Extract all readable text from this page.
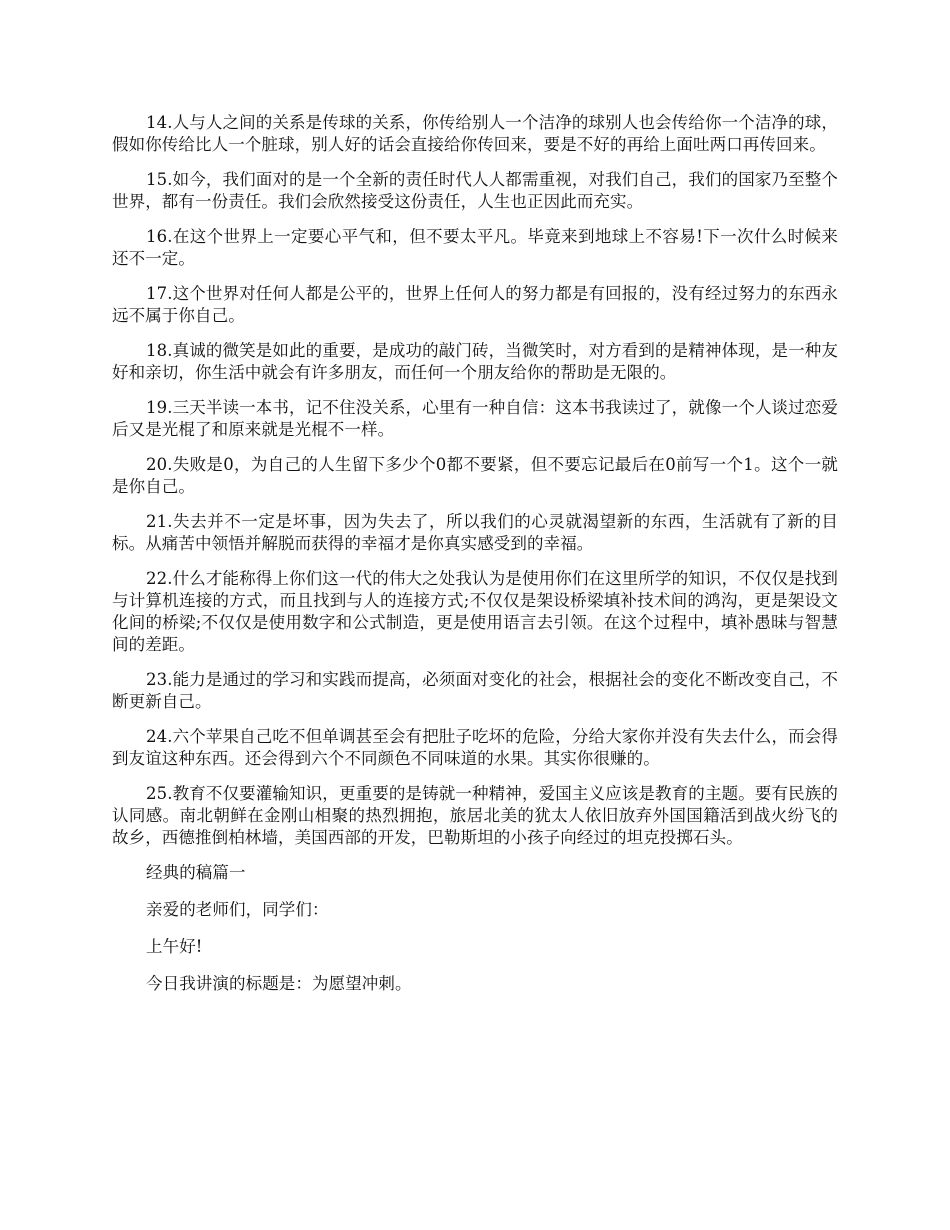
14.人与人之间的关系是传球的关系，你传给别人一个洁净的球别人也会传给你一个洁净的球，假如你传给比人一个脏球，别人好的话会直接给你传回来，要是不好的再给上面吐两口再传回来。

15.如今，我们面对的是一个全新的责任时代人人都需重视，对我们自己，我们的国家乃至整个世界，都有一份责任。我们会欣然接受这份责任，人生也正因此而充实。

16.在这个世界上一定要心平气和，但不要太平凡。毕竟来到地球上不容易!下一次什么时候来还不一定。

17.这个世界对任何人都是公平的，世界上任何人的努力都是有回报的，没有经过努力的东西永远不属于你自己。

18.真诚的微笑是如此的重要，是成功的敲门砖，当微笑时，对方看到的是精神体现，是一种友好和亲切，你生活中就会有许多朋友，而任何一个朋友给你的帮助是无限的。

19.三天半读一本书，记不住没关系，心里有一种自信：这本书我读过了，就像一个人谈过恋爱后又是光棍了和原来就是光棍不一样。

20.失败是0，为自己的人生留下多少个0都不要紧，但不要忘记最后在0前写一个1。这个一就是你自己。

21.失去并不一定是坏事，因为失去了，所以我们的心灵就渴望新的东西，生活就有了新的目标。从痛苦中领悟并解脱而获得的幸福才是你真实感受到的幸福。

22.什么才能称得上你们这一代的伟大之处我认为是使用你们在这里所学的知识，不仅仅是找到与计算机连接的方式，而且找到与人的连接方式;不仅仅是架设桥梁填补技术间的鸿沟，更是架设文化间的桥梁;不仅仅是使用数字和公式制造，更是使用语言去引领。在这个过程中，填补愚昧与智慧间的差距。

23.能力是通过的学习和实践而提高，必须面对变化的社会，根据社会的变化不断改变自己，不断更新自己。

24.六个苹果自己吃不但单调甚至会有把肚子吃坏的危险，分给大家你并没有失去什么，而会得到友谊这种东西。还会得到六个不同颜色不同味道的水果。其实你很赚的。

25.教育不仅要灌输知识，更重要的是铸就一种精神，爱国主义应该是教育的主题。要有民族的认同感。南北朝鲜在金刚山相聚的热烈拥抱，旅居北美的犹太人依旧放弃外国国籍活到战火纷飞的故乡，西德推倒柏林墙，美国西部的开发，巴勒斯坦的小孩子向经过的坦克投掷石头。

经典的稿篇一

亲爱的老师们，同学们：

上午好!

今日我讲演的标题是：为愿望冲刺。
